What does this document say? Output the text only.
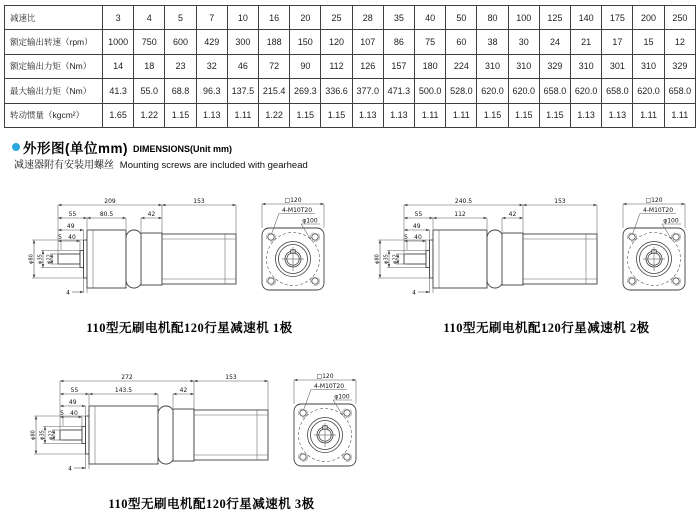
减速比	3	4	5	7	10	16	20	25	28	35	40	50	80	100	125	140	175	200	250
额定输出转速（rpm）	1000	750	600	429	300	188	150	120	107	86	75	60	38	30	24	21	17	15	12
额定输出力矩（Nm）	14	18	23	32	46	72	90	112	126	157	180	224	310	310	329	310	301	310	329
最大输出力矩（Nm）	41.3	55.0	68.8	96.3	137.5	215.4	269.3	336.6	377.0	471.3	500.0	528.0	620.0	620.0	658.0	620.0	658.0	620.0	658.0
转动惯量（kgcm²）	1.65	1.22	1.15	1.13	1.11	1.22	1.15	1.15	1.13	1.13	1.11	1.11	1.15	1.15	1.15	1.13	1.13	1.11	1.11
外形图(单位mm) DIMENSIONS(Unit mm)
减速器附有安装用螺丝 Mounting screws are included with gearhead
209	153
55	80.5	42
49
5 40
φ80 φ35 φ22
4
□120
4-M10T20
φ100
110型无刷电机配120行星减速机 1极
240.5	153
55	112	42
49
5 40
φ80 φ35 φ22
4
□120
4-M10T20
φ100
110型无刷电机配120行星减速机 2极
272	153
55	143.5	42
49
5 40
φ80 φ35 φ22
4
□120
4-M10T20
φ100
110型无刷电机配120行星减速机 3极
